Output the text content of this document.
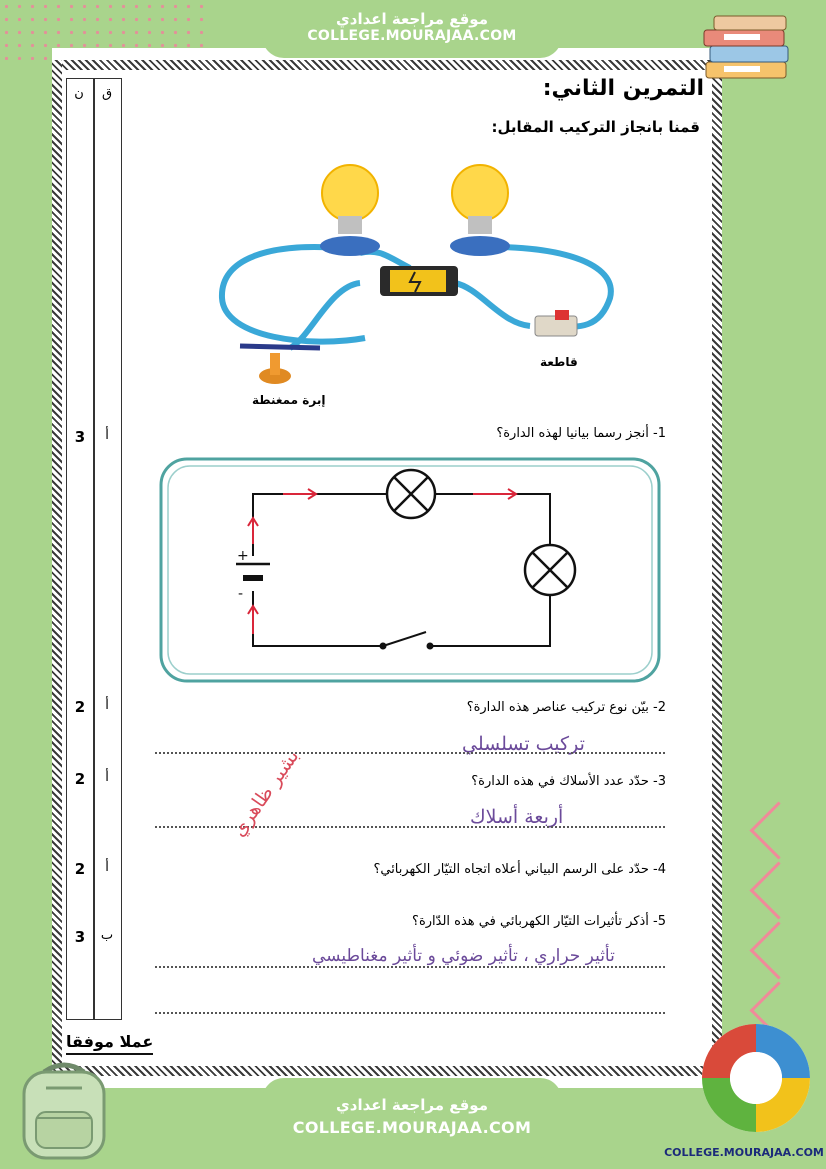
موقع مراجعة اعدادي
COLLEGE.MOURAJAA.COM
التمرين الثاني:
قمنا بانجاز التركيب المقابل:
ق
ن
أ
3
أ
2
أ
2
أ
2
ب
3
قاطعة
إبرة ممغنطة
1- أنجز رسما بيانيا لهذه الدارة؟
+
-
2- بيّن نوع تركيب عناصر هذه الدارة؟
تركيب تسلسلي
3- حدّد عدد الأسلاك في هذه الدارة؟
أربعة أسلاك
بشير ظاهري
4- حدّد على الرسم البياني أعلاه اتجاه التيّار الكهربائي؟
5- أذكر تأثيرات التيّار الكهربائي في هذه الدّارة؟
تأثير حراري ، تأثير ضوئي و تأثير مغناطيسي
عملا موفقا
موقع مراجعة اعدادي
COLLEGE.MOURAJAA.COM
COLLEGE.MOURAJAA.COM
